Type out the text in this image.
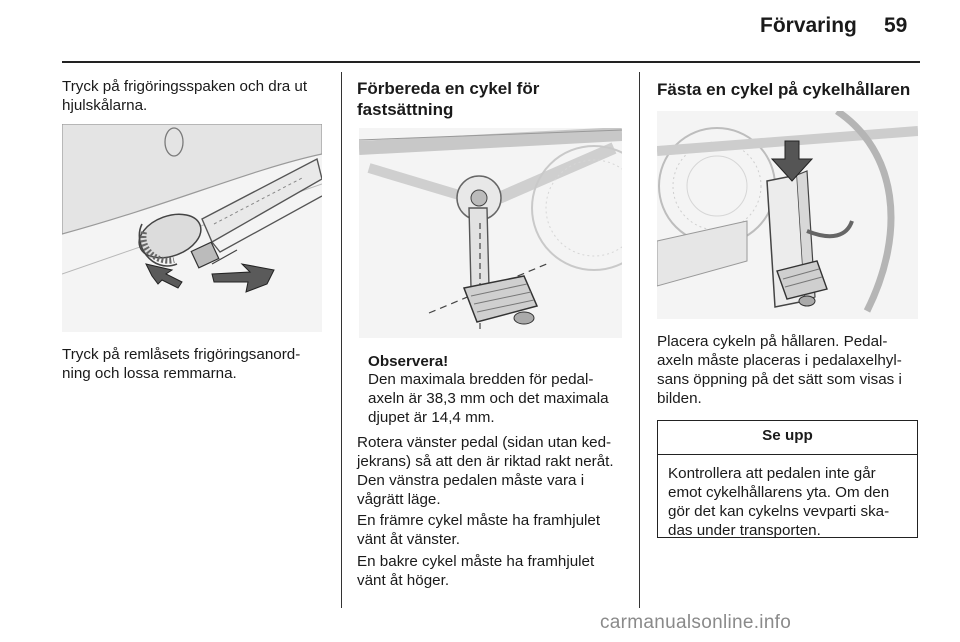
Förvaring 59

Tryck på frigöringsspaken och dra ut hjulskålarna.

Tryck på remlåsets frigöringsanord-ning och lossa remmarna.

Förbereda en cykel för fastsättning
Observera!

Den maximala bredden för pedal-axeln är 38,3 mm och det maximala djupet är 14,4 mm.

Rotera vänster pedal (sidan utan ked-jekrans) så att den är riktad rakt neråt. Den vänstra pedalen måste vara i vågrätt läge.

En främre cykel måste ha framhjulet vänt åt vänster.

En bakre cykel måste ha framhjulet vänt åt höger.

Fästa en cykel på cykelhållaren

Placera cykeln på hållaren. Pedal-axeln måste placeras i pedalaxelhyl-sans öppning på det sätt som visas i bilden.

Se upp

Kontrollera att pedalen inte går emot cykelhållarens yta. Om den gör det kan cykelns vevparti ska-das under transporten.

carmanualsonline.info
